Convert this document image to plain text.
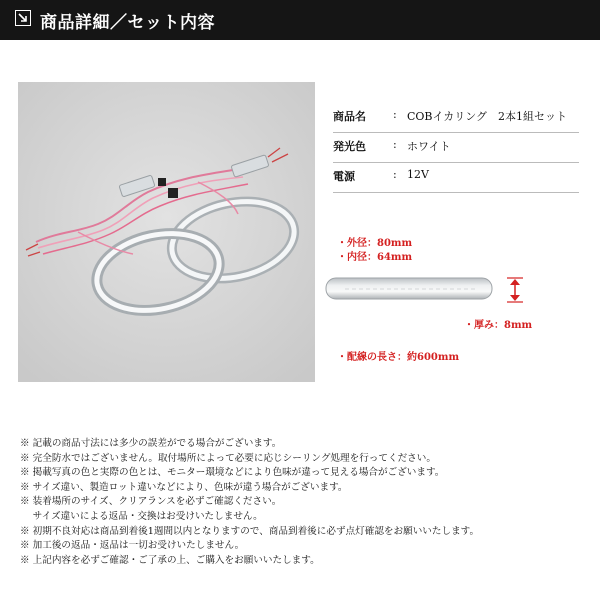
商品詳細／セット内容
商品名 : COBイカリング　2本1組セット
発光色 : ホワイト
電源	: 12V
・外径：80mm
・内径：64mm
・厚み：8mm
・配線の長さ：約600mm
※ 記載の商品寸法には多少の誤差がでる場合がございます。
※ 完全防水ではございません。取付場所によって必要に応じシーリング処理を行ってください。
※ 掲載写真の色と実際の色とは、モニター環境などにより色味が違って見える場合がございます。
※ サイズ違い、製造ロット違いなどにより、色味が違う場合がございます。
※ 装着場所のサイズ、クリアランスを必ずご確認ください。
　 サイズ違いによる返品・交換はお受けいたしません。
※ 初期不良対応は商品到着後1週間以内となりますので、商品到着後に必ず点灯確認をお願いいたします。
※ 加工後の返品・返品は一切お受けいたしません。
※ 上記内容を必ずご確認・ご了承の上、ご購入をお願いいたします。
